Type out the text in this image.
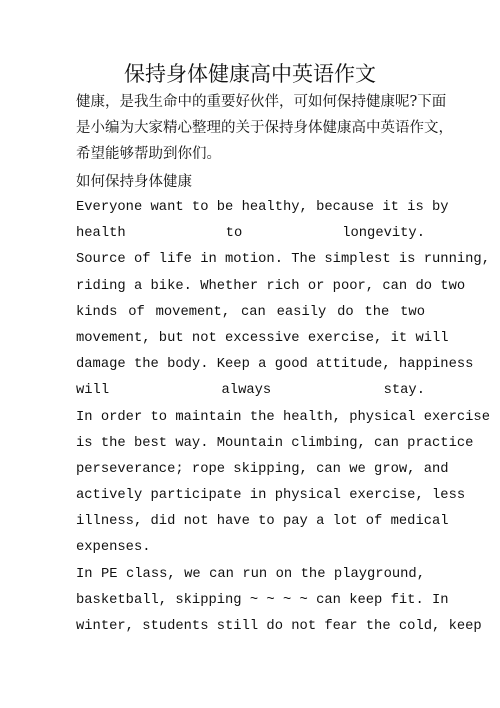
保持身体健康高中英语作文
健康，是我生命中的重要好伙伴，可如何保持健康呢?下面
是小编为大家精心整理的关于保持身体健康高中英语作文，
希望能够帮助到你们。
如何保持身体健康
Everyone want to be healthy, because it is by
health to longevity.
Source of life in motion. The simplest is running,
riding a bike. Whether rich or poor, can do two
kinds of movement, can easily do the two
movement, but not excessive exercise, it will
damage the body. Keep a good attitude, happiness
will always stay.
In order to maintain the health, physical exercise
is the best way. Mountain climbing, can practice
perseverance; rope skipping, can we grow, and
actively participate in physical exercise, less
illness, did not have to pay a lot of medical
expenses.
In PE class, we can run on the playground,
basketball, skipping ~ ~ ~ ~ can keep fit. In
winter, students still do not fear the cold, keep
